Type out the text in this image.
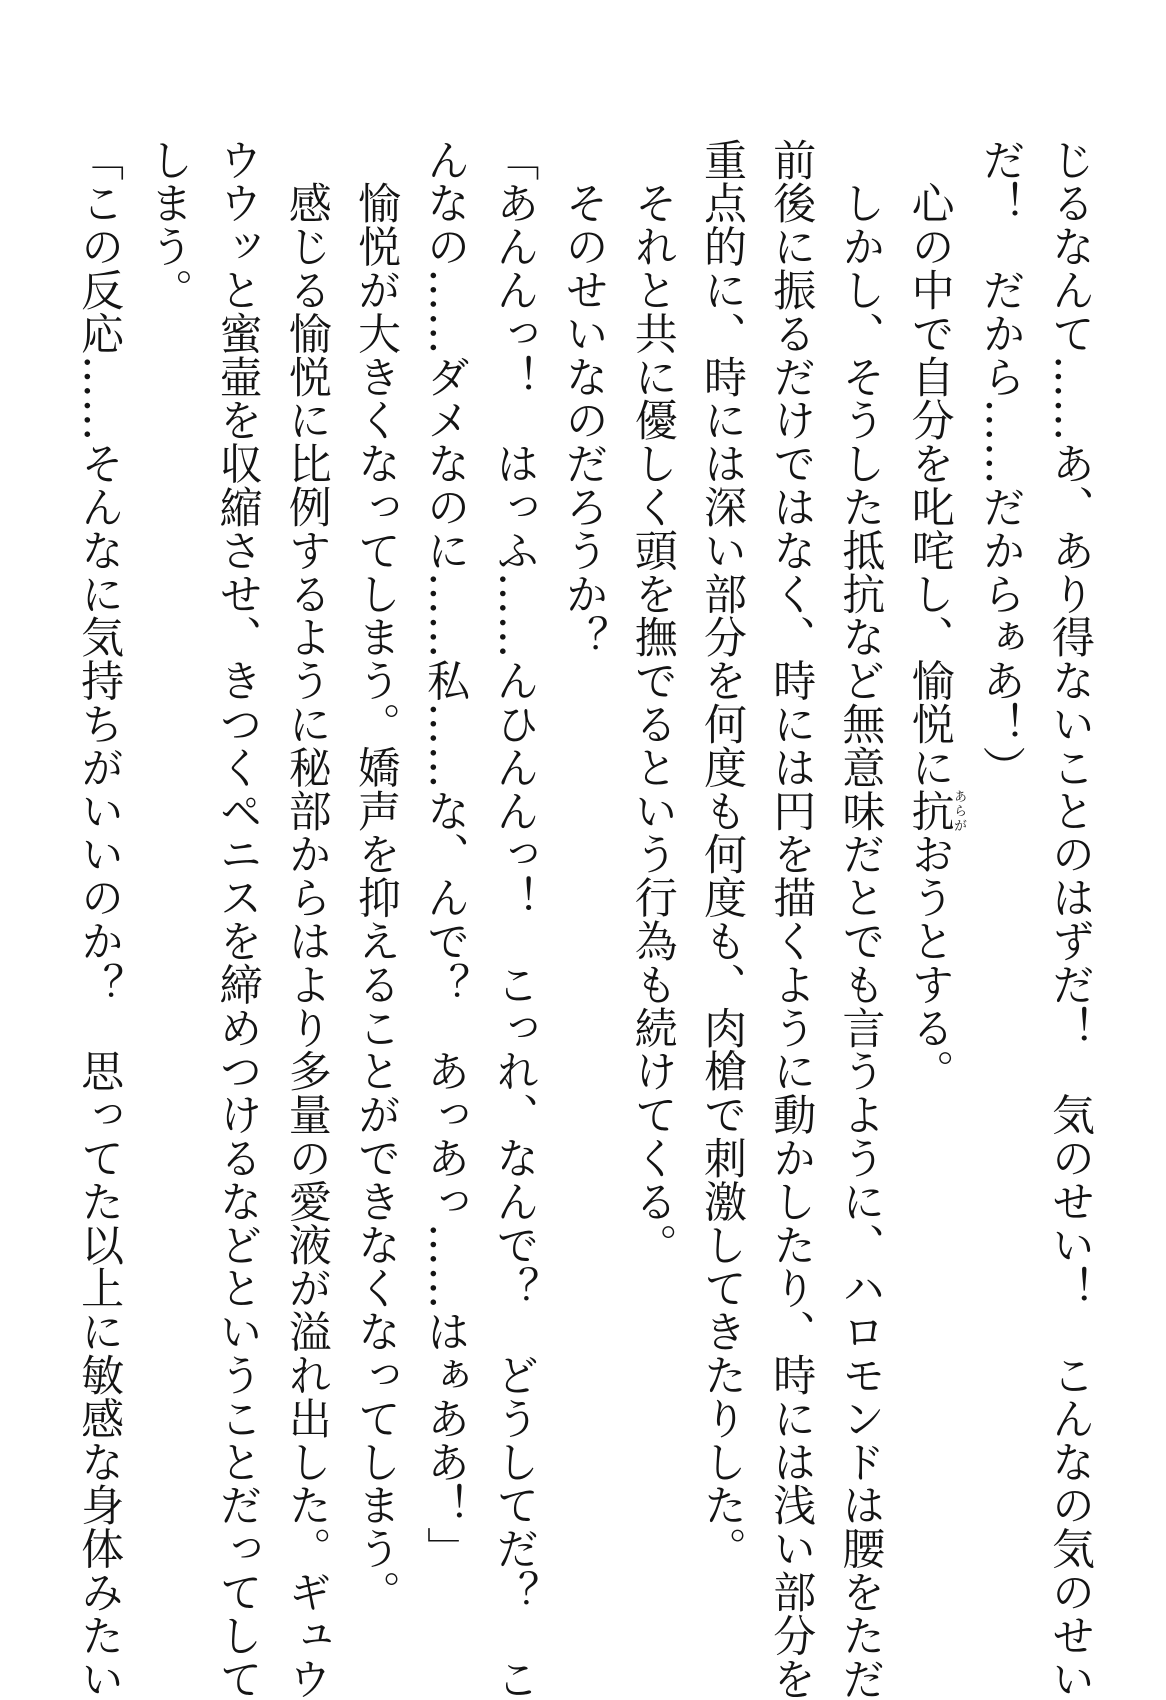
じるなんて……あ、あり得ないことのはずだ！　気のせい！　こんなの気のせい
だ！　だから……だからぁあ！）
　心の中で自分を叱咤し、愉悦に抗あらがおうとする。
　しかし、そうした抵抗など無意味だとでも言うように、ハロモンドは腰をただ
前後に振るだけではなく、時には円を描くように動かしたり、時には浅い部分を
重点的に、時には深い部分を何度も何度も、肉槍で刺激してきたりした。
　それと共に優しく頭を撫でるという行為も続けてくる。
　そのせいなのだろうか？
「あんんっ！　はっふ……んひんんっ！　こっれ、なんで？　どうしてだ？　こ
んなの……ダメなのに……私……な、んで？　あっあっ……はぁああ！」
　愉悦が大きくなってしまう。嬌声を抑えることができなくなってしまう。
　感じる愉悦に比例するように秘部からはより多量の愛液が溢れ出した。ギュウ
ウウッと蜜壷を収縮させ、きつくペニスを締めつけるなどということだってして
しまう。
「この反応……そんなに気持ちがいいのか？　思ってた以上に敏感な身体みたい
